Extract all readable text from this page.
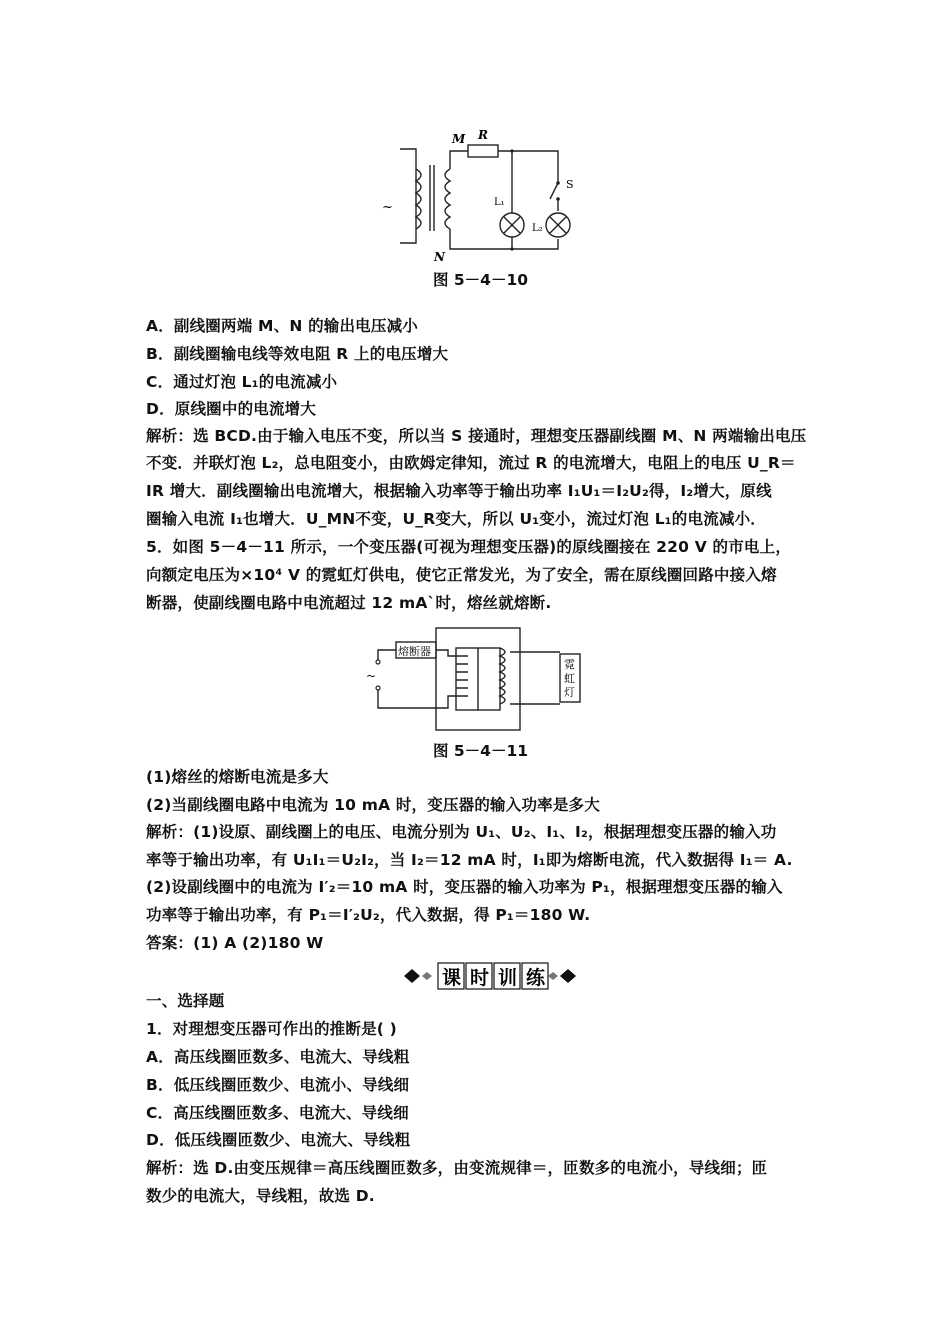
M R
S
L₁
L₂
N
~
图 5－4－10
A．副线圈两端 M、N 的输出电压减小
B．副线圈输电线等效电阻 R 上的电压增大
C．通过灯泡 L₁的电流减小
D．原线圈中的电流增大
解析：选 BCD.由于输入电压不变，所以当 S 接通时，理想变压器副线圈 M、N 两端输出电压
不变．并联灯泡 L₂，总电阻变小，由欧姆定律知，流过 R 的电流增大，电阻上的电压 U_R＝
IR 增大．副线圈输出电流增大，根据输入功率等于输出功率 I₁U₁＝I₂U₂得，I₂增大，原线
圈输入电流 I₁也增大．U_MN不变，U_R变大，所以 U₁变小，流过灯泡 L₁的电流减小．
5．如图 5－4－11 所示，一个变压器(可视为理想变压器)的原线圈接在 220 V 的市电上，
向额定电压为×10⁴ V 的霓虹灯供电，使它正常发光，为了安全，需在原线圈回路中接入熔
断器，使副线圈电路中电流超过 12 mA`时，熔丝就熔断.
熔断器
~
霓
虹
灯
图 5－4－11
(1)熔丝的熔断电流是多大
(2)当副线圈电路中电流为 10 mA 时，变压器的输入功率是多大
解析：(1)设原、副线圈上的电压、电流分别为 U₁、U₂、I₁、I₂，根据理想变压器的输入功
率等于输出功率，有 U₁I₁＝U₂I₂，当 I₂＝12 mA 时，I₁即为熔断电流，代入数据得 I₁＝ A.
(2)设副线圈中的电流为 I′₂＝10 mA 时，变压器的输入功率为 P₁，根据理想变压器的输入
功率等于输出功率，有 P₁＝I′₂U₂，代入数据，得 P₁＝180 W.
答案：(1) A (2)180 W
课 时 训 练
一、选择题
1．对理想变压器可作出的推断是( )
A．高压线圈匝数多、电流大、导线粗
B．低压线圈匝数少、电流小、导线细
C．高压线圈匝数多、电流大、导线细
D．低压线圈匝数少、电流大、导线粗
解析：选 D.由变压规律＝高压线圈匝数多，由变流规律＝，匝数多的电流小，导线细；匝
数少的电流大，导线粗，故选 D.
